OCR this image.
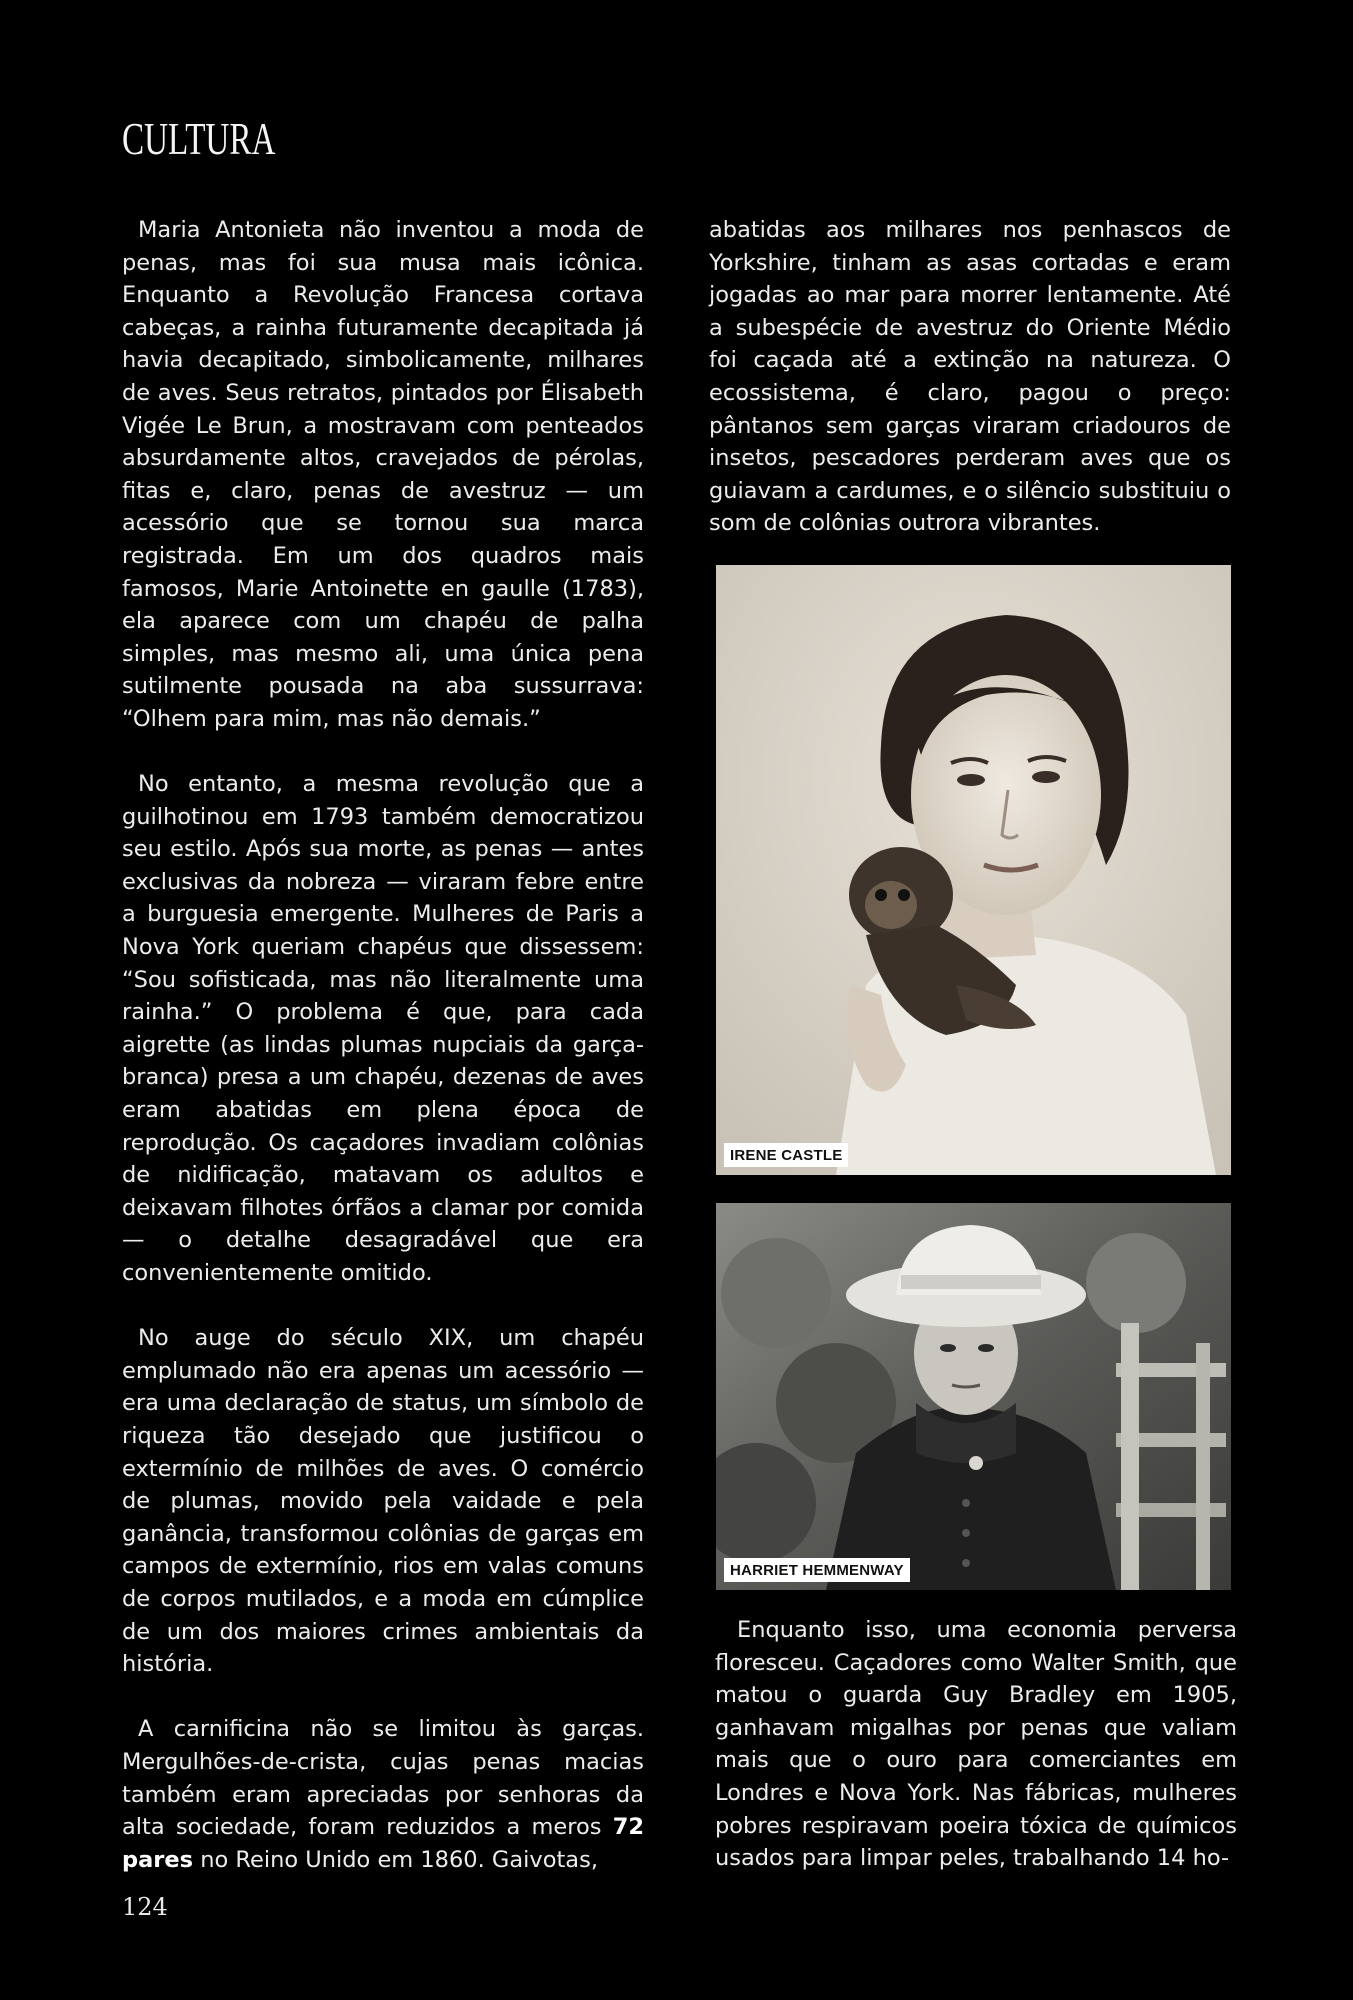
CULTURA

Maria Antonieta não inventou a moda de penas, mas foi sua musa mais icônica. Enquanto a Revolução Francesa cortava cabeças, a rainha futuramente decapitada já havia decapitado, simbolicamente, milhares de aves. Seus retratos, pintados por Élisabeth Vigée Le Brun, a mostravam com penteados absurdamente altos, cravejados de pérolas, fitas e, claro, penas de avestruz — um acessório que se tornou sua marca registrada. Em um dos quadros mais famosos, Marie Antoinette en gaulle (1783), ela aparece com um chapéu de palha simples, mas mesmo ali, uma única pena sutilmente pousada na aba sussurrava: “Olhem para mim, mas não demais.”

No entanto, a mesma revolução que a guilhotinou em 1793 também democratizou seu estilo. Após sua morte, as penas — antes exclusivas da nobreza — viraram febre entre a burguesia emergente. Mulheres de Paris a Nova York queriam chapéus que dissessem: “Sou sofisticada, mas não literalmente uma rainha.” O problema é que, para cada aigrette (as lindas plumas nupciais da garça-branca) presa a um chapéu, dezenas de aves eram abatidas em plena época de reprodução. Os caçadores invadiam colônias de nidificação, matavam os adultos e deixavam filhotes órfãos a clamar por comida — o detalhe desagradável que era convenientemente omitido.

No auge do século XIX, um chapéu emplumado não era apenas um acessório — era uma declaração de status, um símbolo de riqueza tão desejado que justificou o extermínio de milhões de aves. O comércio de plumas, movido pela vaidade e pela ganância, transformou colônias de garças em campos de extermínio, rios em valas comuns de corpos mutilados, e a moda em cúmplice de um dos maiores crimes ambientais da história.

A carnificina não se limitou às garças. Mergulhões-de-crista, cujas penas macias também eram apreciadas por senhoras da alta sociedade, foram reduzidos a meros 72 pares no Reino Unido em 1860. Gaivotas,

abatidas aos milhares nos penhascos de Yorkshire, tinham as asas cortadas e eram jogadas ao mar para morrer lentamente. Até a subespécie de avestruz do Oriente Médio foi caçada até a extinção na natureza. O ecossistema, é claro, pagou o preço: pântanos sem garças viraram criadouros de insetos, pescadores perderam aves que os guiavam a cardumes, e o silêncio substituiu o som de colônias outrora vibrantes.

IRENE CASTLE
HARRIET HEMMENWAY

Enquanto isso, uma economia perversa floresceu. Caçadores como Walter Smith, que matou o guarda Guy Bradley em 1905, ganhavam migalhas por penas que valiam mais que o ouro para comerciantes em Londres e Nova York. Nas fábricas, mulheres pobres respiravam poeira tóxica de químicos usados para limpar peles, trabalhando 14 ho-

124
